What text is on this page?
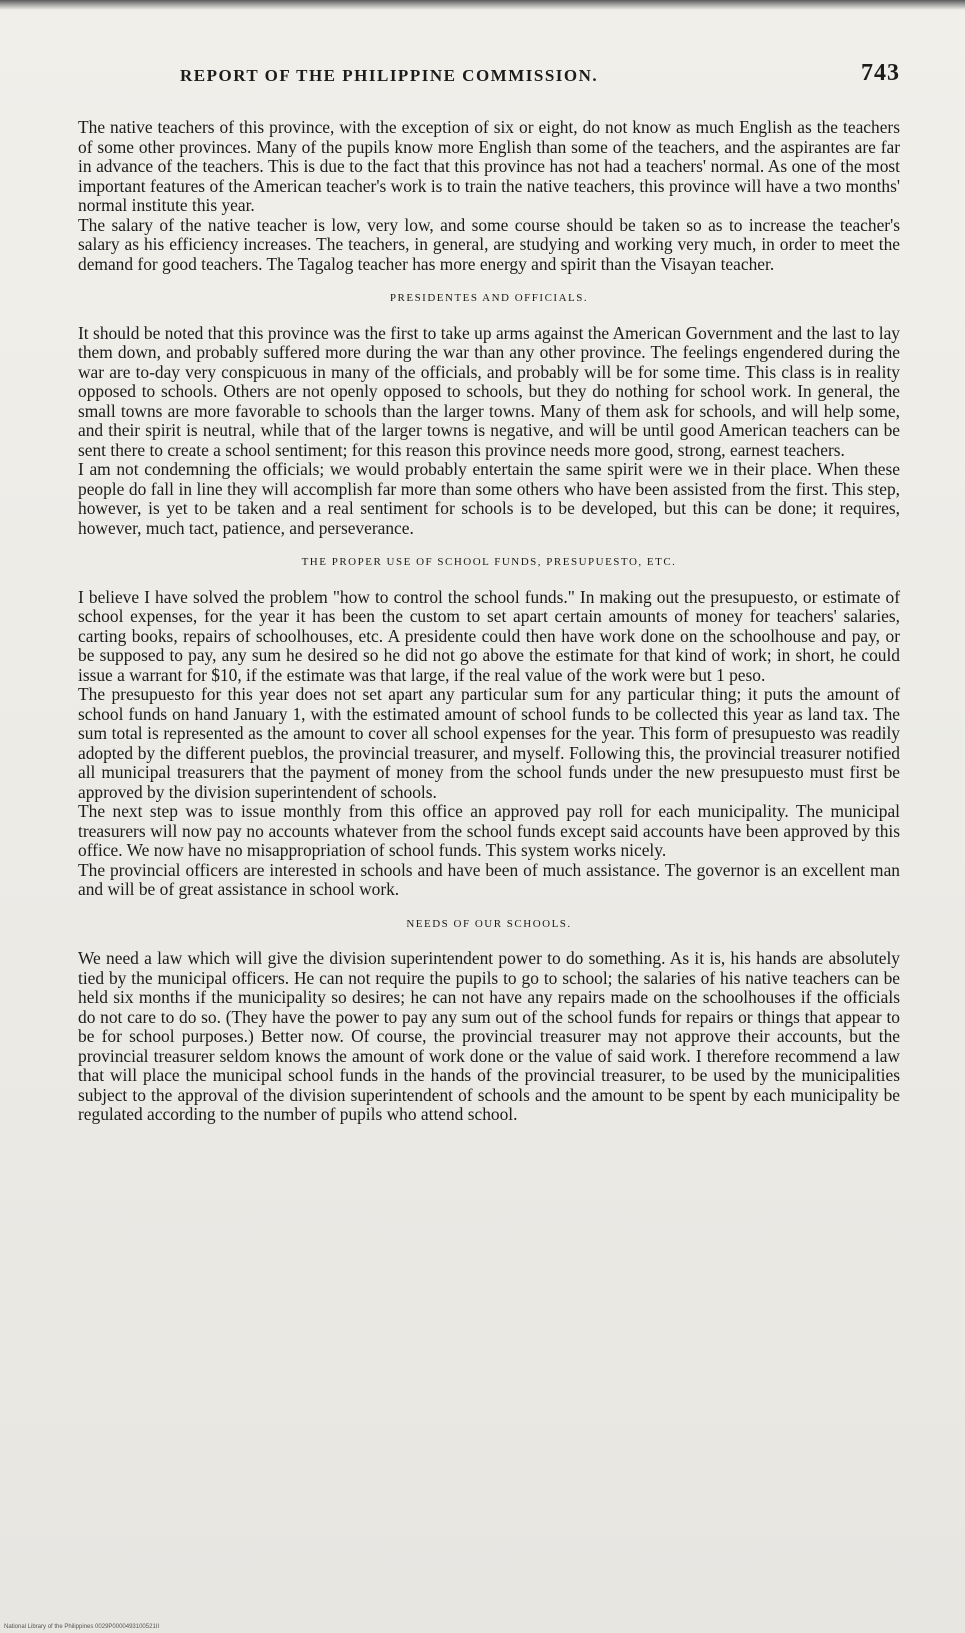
REPORT OF THE PHILIPPINE COMMISSION.	743

The native teachers of this province, with the exception of six or eight, do not know as much English as the teachers of some other provinces. Many of the pupils know more English than some of the teachers, and the aspirantes are far in advance of the teachers. This is due to the fact that this province has not had a teachers' normal. As one of the most important features of the American teacher's work is to train the native teachers, this province will have a two months' normal institute this year.

The salary of the native teacher is low, very low, and some course should be taken so as to increase the teacher's salary as his efficiency increases. The teachers, in general, are studying and working very much, in order to meet the demand for good teachers. The Tagalog teacher has more energy and spirit than the Visayan teacher.

PRESIDENTES AND OFFICIALS.

It should be noted that this province was the first to take up arms against the American Government and the last to lay them down, and probably suffered more during the war than any other province. The feelings engendered during the war are to-day very conspicuous in many of the officials, and probably will be for some time. This class is in reality opposed to schools. Others are not openly opposed to schools, but they do nothing for school work. In general, the small towns are more favorable to schools than the larger towns. Many of them ask for schools, and will help some, and their spirit is neutral, while that of the larger towns is negative, and will be until good American teachers can be sent there to create a school sentiment; for this reason this province needs more good, strong, earnest teachers.

I am not condemning the officials; we would probably entertain the same spirit were we in their place. When these people do fall in line they will accomplish far more than some others who have been assisted from the first. This step, however, is yet to be taken and a real sentiment for schools is to be developed, but this can be done; it requires, however, much tact, patience, and perseverance.

THE PROPER USE OF SCHOOL FUNDS, PRESUPUESTO, ETC.

I believe I have solved the problem "how to control the school funds." In making out the presupuesto, or estimate of school expenses, for the year it has been the custom to set apart certain amounts of money for teachers' salaries, carting books, repairs of schoolhouses, etc. A presidente could then have work done on the schoolhouse and pay, or be supposed to pay, any sum he desired so he did not go above the estimate for that kind of work; in short, he could issue a warrant for $10, if the estimate was that large, if the real value of the work were but 1 peso.

The presupuesto for this year does not set apart any particular sum for any particular thing; it puts the amount of school funds on hand January 1, with the estimated amount of school funds to be collected this year as land tax. The sum total is represented as the amount to cover all school expenses for the year. This form of presupuesto was readily adopted by the different pueblos, the provincial treasurer, and myself. Following this, the provincial treasurer notified all municipal treasurers that the payment of money from the school funds under the new presupuesto must first be approved by the division superintendent of schools.

The next step was to issue monthly from this office an approved pay roll for each municipality. The municipal treasurers will now pay no accounts whatever from the school funds except said accounts have been approved by this office. We now have no misappropriation of school funds. This system works nicely.

The provincial officers are interested in schools and have been of much assistance. The governor is an excellent man and will be of great assistance in school work.

NEEDS OF OUR SCHOOLS.

We need a law which will give the division superintendent power to do something. As it is, his hands are absolutely tied by the municipal officers. He can not require the pupils to go to school; the salaries of his native teachers can be held six months if the municipality so desires; he can not have any repairs made on the schoolhouses if the officials do not care to do so. (They have the power to pay any sum out of the school funds for repairs or things that appear to be for school purposes.) Better now. Of course, the provincial treasurer may not approve their accounts, but the provincial treasurer seldom knows the amount of work done or the value of said work. I therefore recommend a law that will place the municipal school funds in the hands of the provincial treasurer, to be used by the municipalities subject to the approval of the division superintendent of schools and the amount to be spent by each municipality be regulated according to the number of pupils who attend school.

National Library of the Philippines 0029P0000493100521II
